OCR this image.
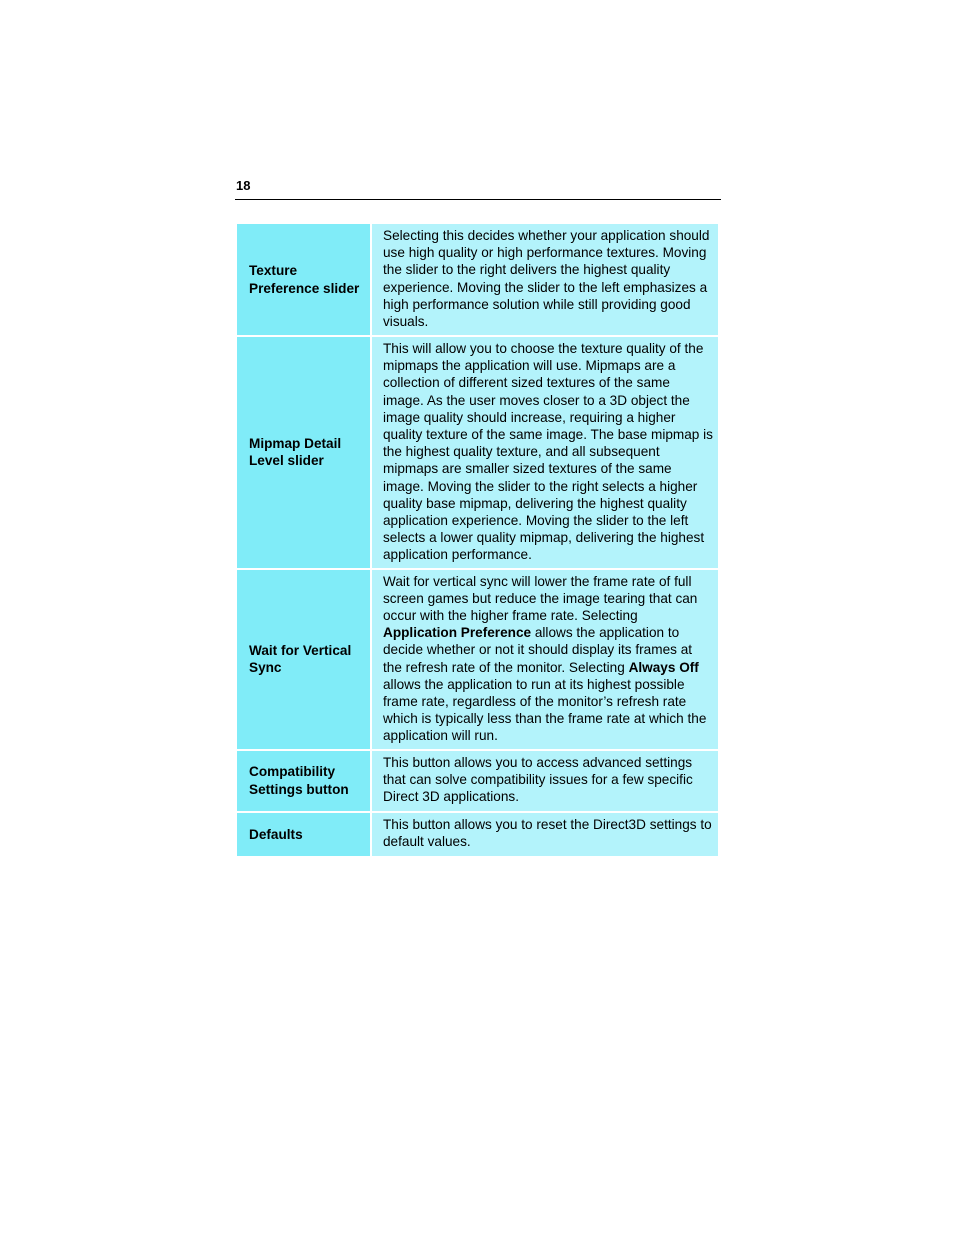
18
Texture Preference slider	Selecting this decides whether your application should use high quality or high performance textures. Moving the slider to the right delivers the highest quality experience. Moving the slider to the left emphasizes a high performance solution while still providing good visuals.
Mipmap Detail Level slider	This will allow you to choose the texture quality of the mipmaps the application will use. Mipmaps are a collection of different sized textures of the same image. As the user moves closer to a 3D object the image quality should increase, requiring a higher quality texture of the same image. The base mipmap is the highest quality texture, and all subsequent mipmaps are smaller sized textures of the same image. Moving the slider to the right selects a higher quality base mipmap, delivering the highest quality application experience. Moving the slider to the left selects a lower quality mipmap, delivering the highest application performance.
Wait for Vertical Sync	Wait for vertical sync will lower the frame rate of full screen games but reduce the image tearing that can occur with the higher frame rate. Selecting Application Preference allows the application to decide whether or not it should display its frames at the refresh rate of the monitor. Selecting Always Off allows the application to run at its highest possible frame rate, regardless of the monitor’s refresh rate which is typically less than the frame rate at which the application will run.
Compatibility Settings button	This button allows you to access advanced settings that can solve compatibility issues for a few specific Direct 3D applications.
Defaults	This button allows you to reset the Direct3D settings to default values.
